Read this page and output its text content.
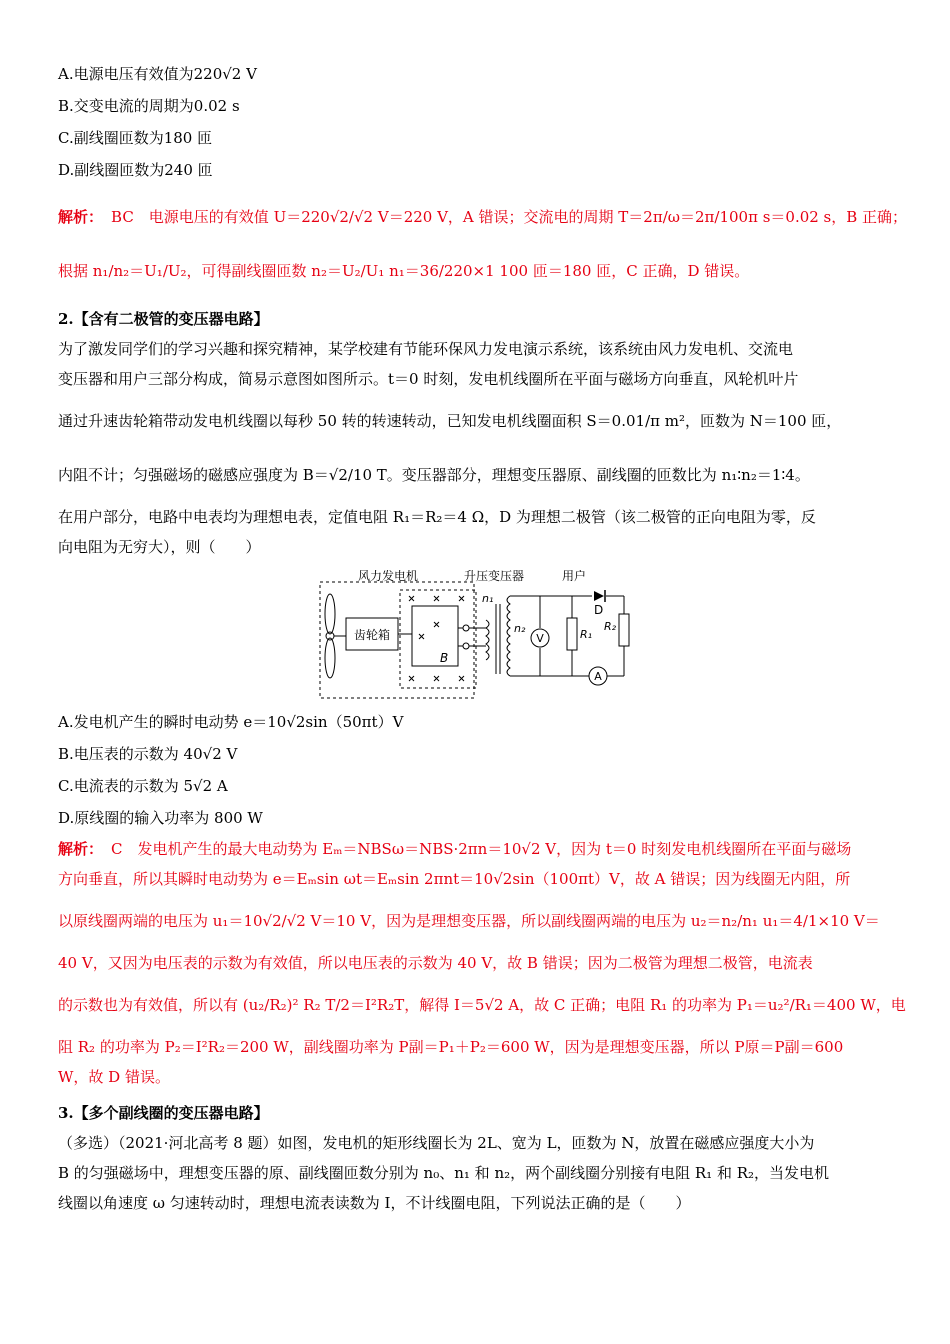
A.电源电压有效值为220√2 V
B.交变电流的周期为0.02 s
C.副线圈匝数为180 匝
D.副线圈匝数为240 匝
解析： BC　电源电压的有效值 U＝220√2/√2 V＝220 V，A 错误；交流电的周期 T＝2π/ω＝2π/100π s＝0.02 s，B 正确；
根据 n₁/n₂＝U₁/U₂，可得副线圈匝数 n₂＝U₂/U₁ n₁＝36/220×1 100 匝＝180 匝，C 正确，D 错误。
2.【含有二极管的变压器电路】
为了激发同学们的学习兴趣和探究精神，某学校建有节能环保风力发电演示系统，该系统由风力发电机、交流电
变压器和用户三部分构成，简易示意图如图所示。t＝0 时刻，发电机线圈所在平面与磁场方向垂直，风轮机叶片
通过升速齿轮箱带动发电机线圈以每秒 50 转的转速转动，已知发电机线圈面积 S＝0.01/π m²，匝数为 N＝100 匝，
内阻不计；匀强磁场的磁感应强度为 B＝√2/10 T。变压器部分，理想变压器原、副线圈的匝数比为 n₁∶n₂＝1∶4。
在用户部分，电路中电表均为理想电表，定值电阻 R₁＝R₂＝4 Ω，D 为理想二极管（该二极管的正向电阻为零，反
向电阻为无穷大），则（　　）
V
A
风力发电机	升压变压器	用户
齿轮箱
B
n₁
n₂
D
R₁
R₂
A.发电机产生的瞬时电动势 e＝10√2sin（50πt）V
B.电压表的示数为 40√2 V
C.电流表的示数为 5√2 A
D.原线圈的输入功率为 800 W
解析： C　发电机产生的最大电动势为 Eₘ＝NBSω＝NBS·2πn＝10√2 V，因为 t＝0 时刻发电机线圈所在平面与磁场
方向垂直，所以其瞬时电动势为 e＝Eₘsin ωt＝Eₘsin 2πnt＝10√2sin（100πt）V，故 A 错误；因为线圈无内阻，所
以原线圈两端的电压为 u₁＝10√2/√2 V＝10 V，因为是理想变压器，所以副线圈两端的电压为 u₂＝n₂/n₁ u₁＝4/1×10 V＝
40 V，又因为电压表的示数为有效值，所以电压表的示数为 40 V，故 B 错误；因为二极管为理想二极管，电流表
的示数也为有效值，所以有 (u₂/R₂)² R₂ T/2＝I²R₂T，解得 I＝5√2 A，故 C 正确；电阻 R₁ 的功率为 P₁＝u₂²/R₁＝400 W，电
阻 R₂ 的功率为 P₂＝I²R₂＝200 W，副线圈功率为 P副＝P₁＋P₂＝600 W，因为是理想变压器，所以 P原＝P副＝600
W，故 D 错误。
3.【多个副线圈的变压器电路】
（多选）（2021·河北高考 8 题）如图，发电机的矩形线圈长为 2L、宽为 L，匝数为 N，放置在磁感应强度大小为
B 的匀强磁场中，理想变压器的原、副线圈匝数分别为 n₀、n₁ 和 n₂，两个副线圈分别接有电阻 R₁ 和 R₂，当发电机
线圈以角速度 ω 匀速转动时，理想电流表读数为 I，不计线圈电阻，下列说法正确的是（　　）
